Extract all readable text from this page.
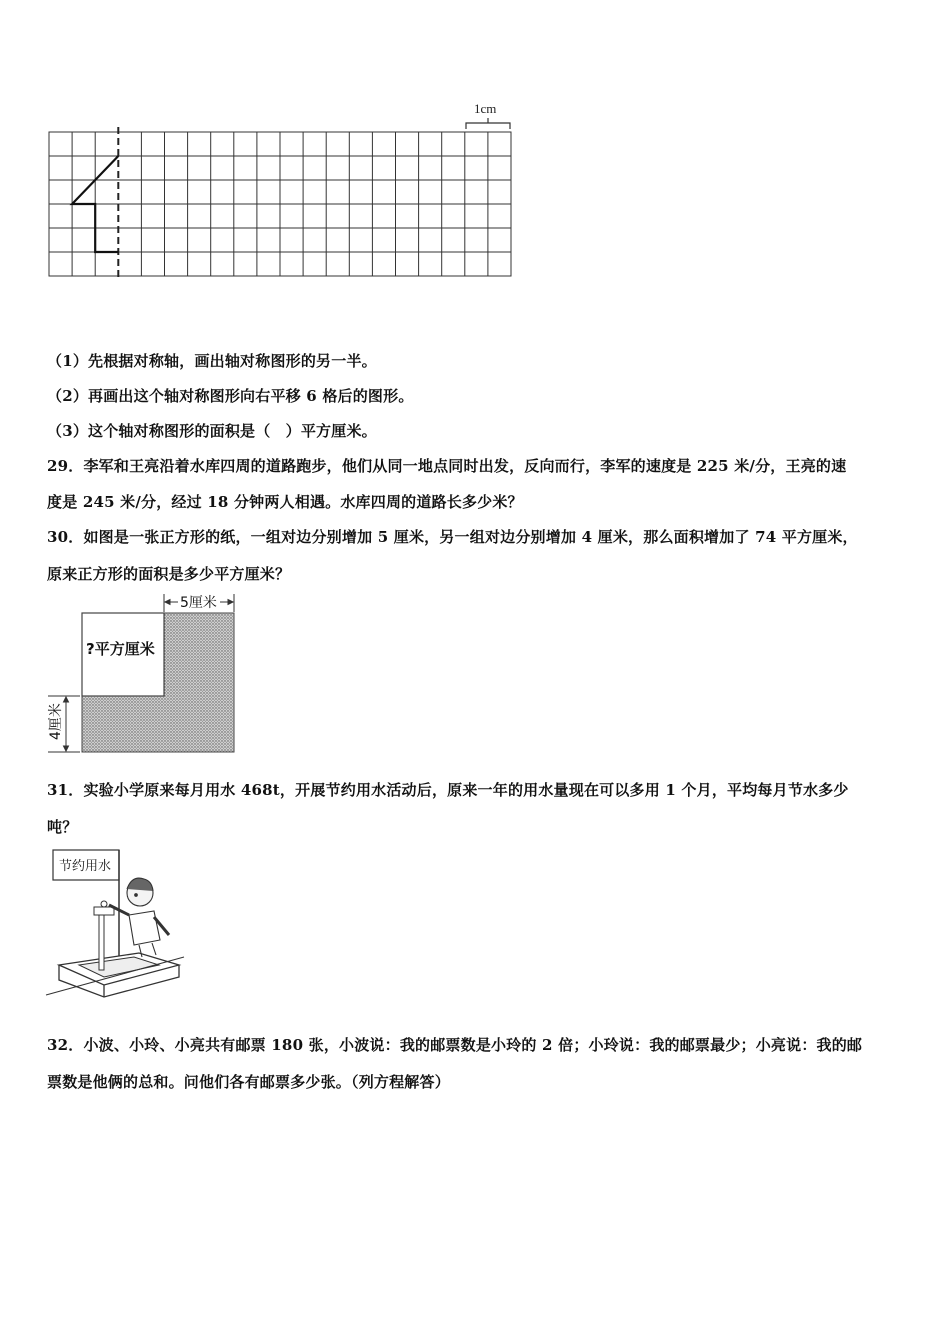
1cm
（1）先根据对称轴，画出轴对称图形的另一半。
（2）再画出这个轴对称图形向右平移 6 格后的图形。
（3）这个轴对称图形的面积是（　）平方厘米。
29．李军和王亮沿着水库四周的道路跑步，他们从同一地点同时出发，反向而行，李军的速度是 225 米/分，王亮的速
度是 245 米/分，经过 18 分钟两人相遇。水库四周的道路长多少米？
30．如图是一张正方形的纸，一组对边分别增加 5 厘米，另一组对边分别增加 4 厘米，那么面积增加了 74 平方厘米，
原来正方形的面积是多少平方厘米？
5厘米
?平方厘米
4厘米
31．实验小学原来每月用水 468t，开展节约用水活动后，原来一年的用水量现在可以多用 1 个月，平均每月节水多少
吨？
节约用水
32．小波、小玲、小亮共有邮票 180 张，小波说：我的邮票数是小玲的 2 倍；小玲说：我的邮票最少；小亮说：我的邮
票数是他俩的总和。问他们各有邮票多少张。（列方程解答）
